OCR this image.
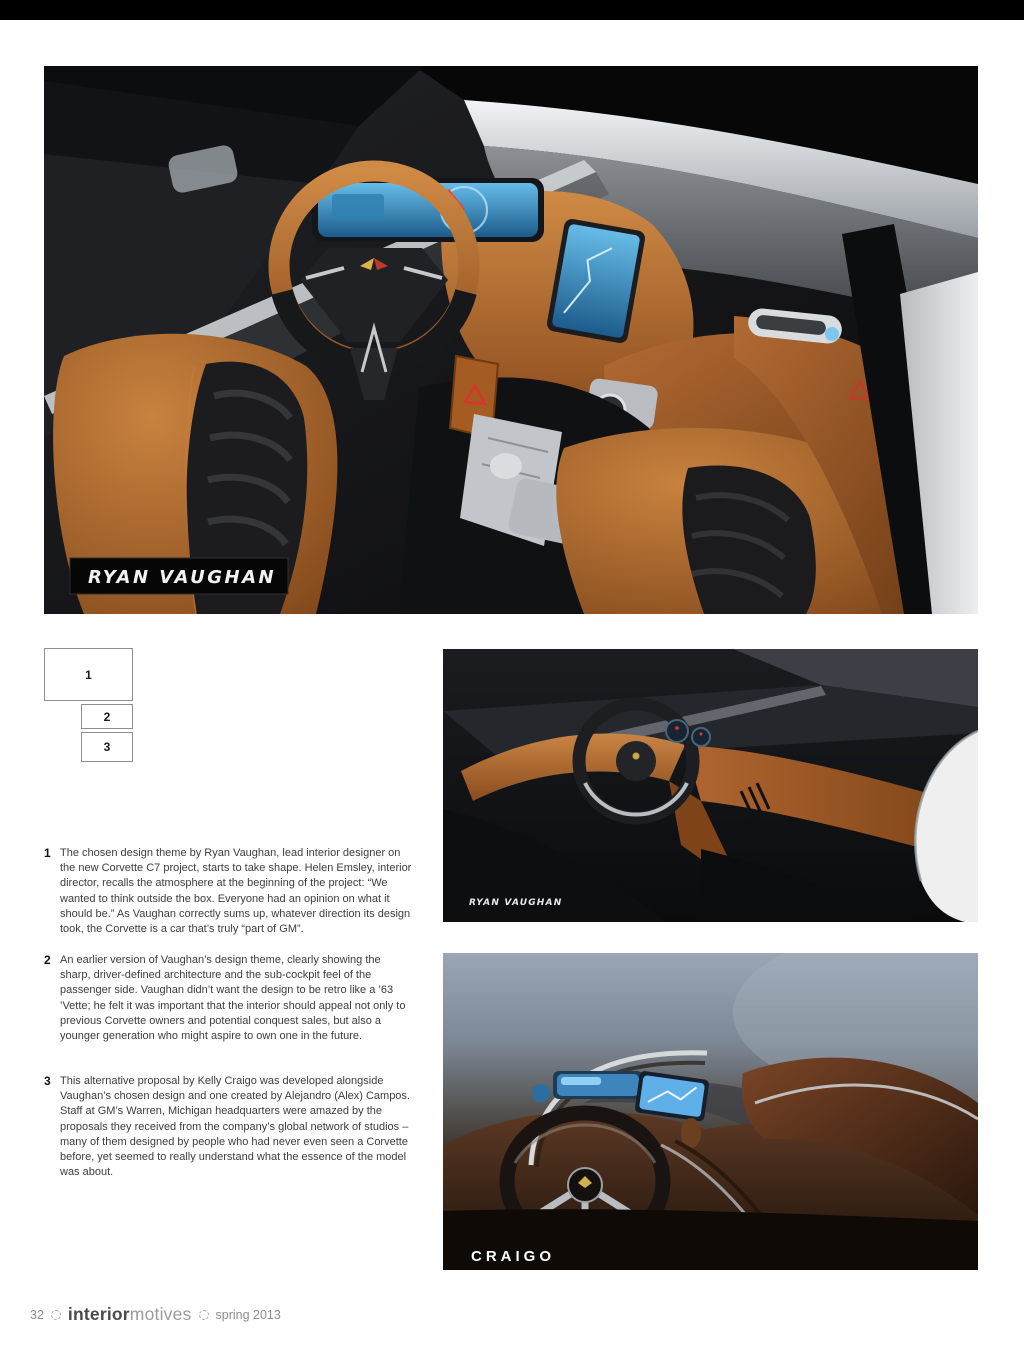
RYAN VAUGHAN
1
2
3
1 The chosen design theme by Ryan Vaughan, lead interior designer on the new Corvette C7 project, starts to take shape. Helen Emsley, interior director, recalls the atmosphere at the beginning of the project: “We wanted to think outside the box. Everyone had an opinion on what it should be.” As Vaughan correctly sums up, whatever direction its design took, the Corvette is a car that’s truly “part of GM”.

2 An earlier version of Vaughan’s design theme, clearly showing the sharp, driver-defined architecture and the sub-cockpit feel of the passenger side. Vaughan didn’t want the design to be retro like a ’63 ’Vette; he felt it was important that the interior should appeal not only to previous Corvette owners and potential conquest sales, but also a younger generation who might aspire to own one in the future.

3 This alternative proposal by Kelly Craigo was developed alongside Vaughan’s chosen design and one created by Alejandro (Alex) Campos. Staff at GM’s Warren, Michigan headquarters were amazed by the proposals they received from the company’s global network of studios – many of them designed by people who had never even seen a Corvette before, yet seemed to really understand what the essence of the model was about.

RYAN VAUGHAN
CRAIGO
32 interiormotives spring 2013
